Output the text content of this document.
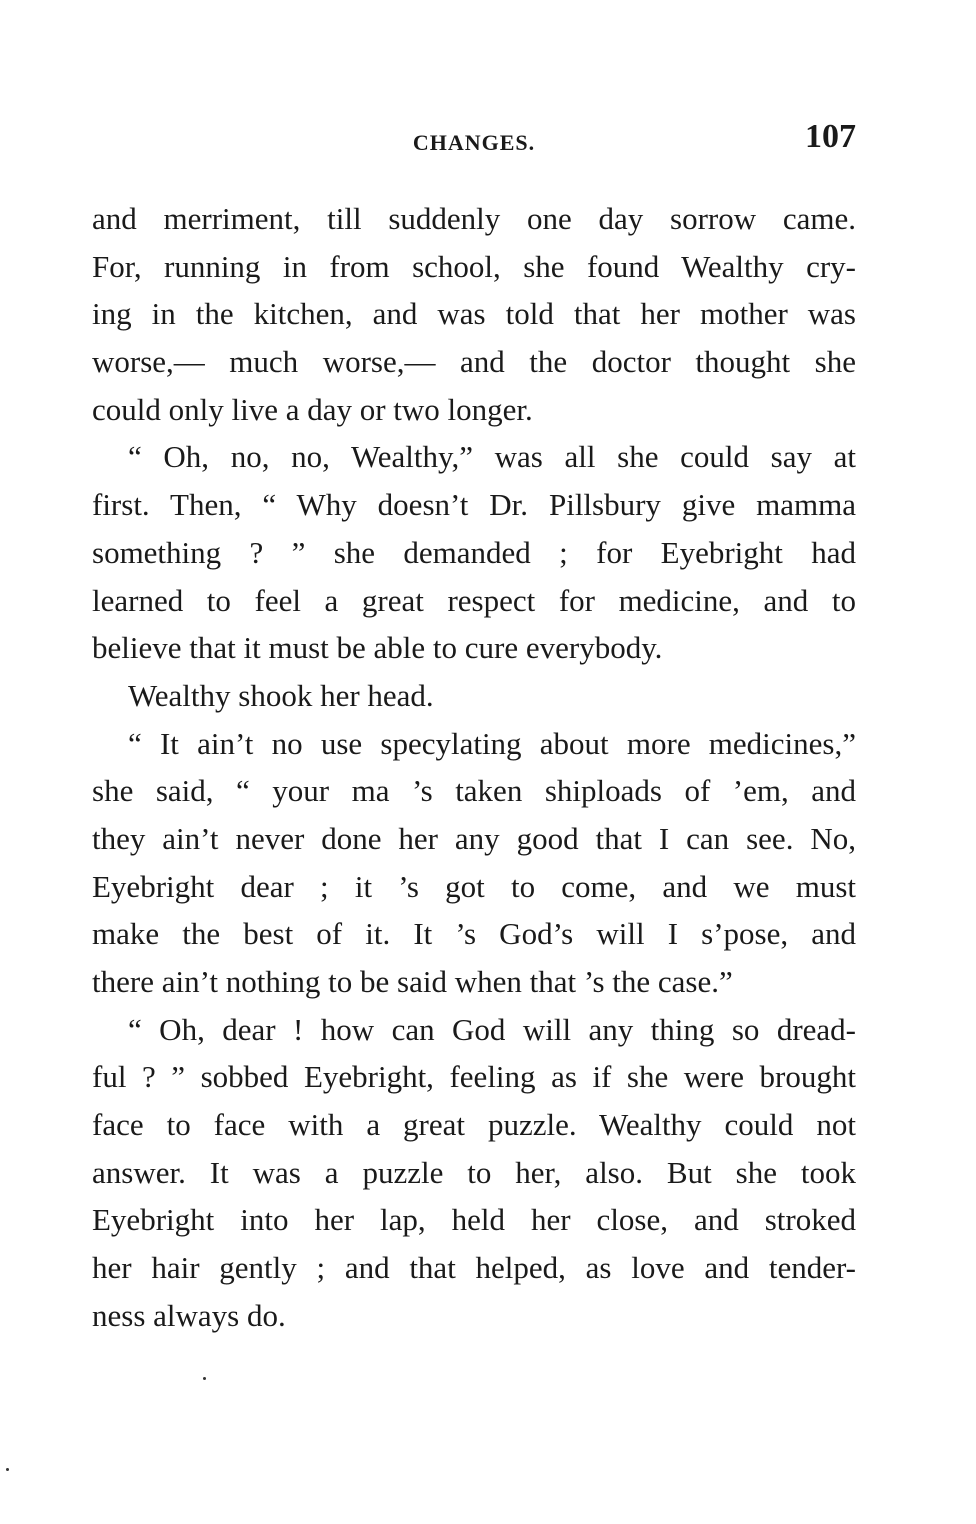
CHANGES.	107
and merriment, till suddenly one day sorrow came.
For, running in from school, she found Wealthy cry-
ing in the kitchen, and was told that her mother was
worse,— much worse,— and the doctor thought she
could only live a day or two longer.
“ Oh, no, no, Wealthy,” was all she could say at
first. Then, “ Why doesn’t Dr. Pillsbury give mamma
something ? ” she demanded ; for Eyebright had
learned to feel a great respect for medicine, and to
believe that it must be able to cure everybody.
Wealthy shook her head.
“ It ain’t no use specylating about more medicines,”
she said, “ your ma ’s taken shiploads of ’em, and
they ain’t never done her any good that I can see. No,
Eyebright dear ; it ’s got to come, and we must
make the best of it. It ’s God’s will I s’pose, and
there ain’t nothing to be said when that ’s the case.”
“ Oh, dear ! how can God will any thing so dread-
ful ? ” sobbed Eyebright, feeling as if she were brought
face to face with a great puzzle. Wealthy could not
answer. It was a puzzle to her, also. But she took
Eyebright into her lap, held her close, and stroked
her hair gently ; and that helped, as love and tender-
ness always do.
